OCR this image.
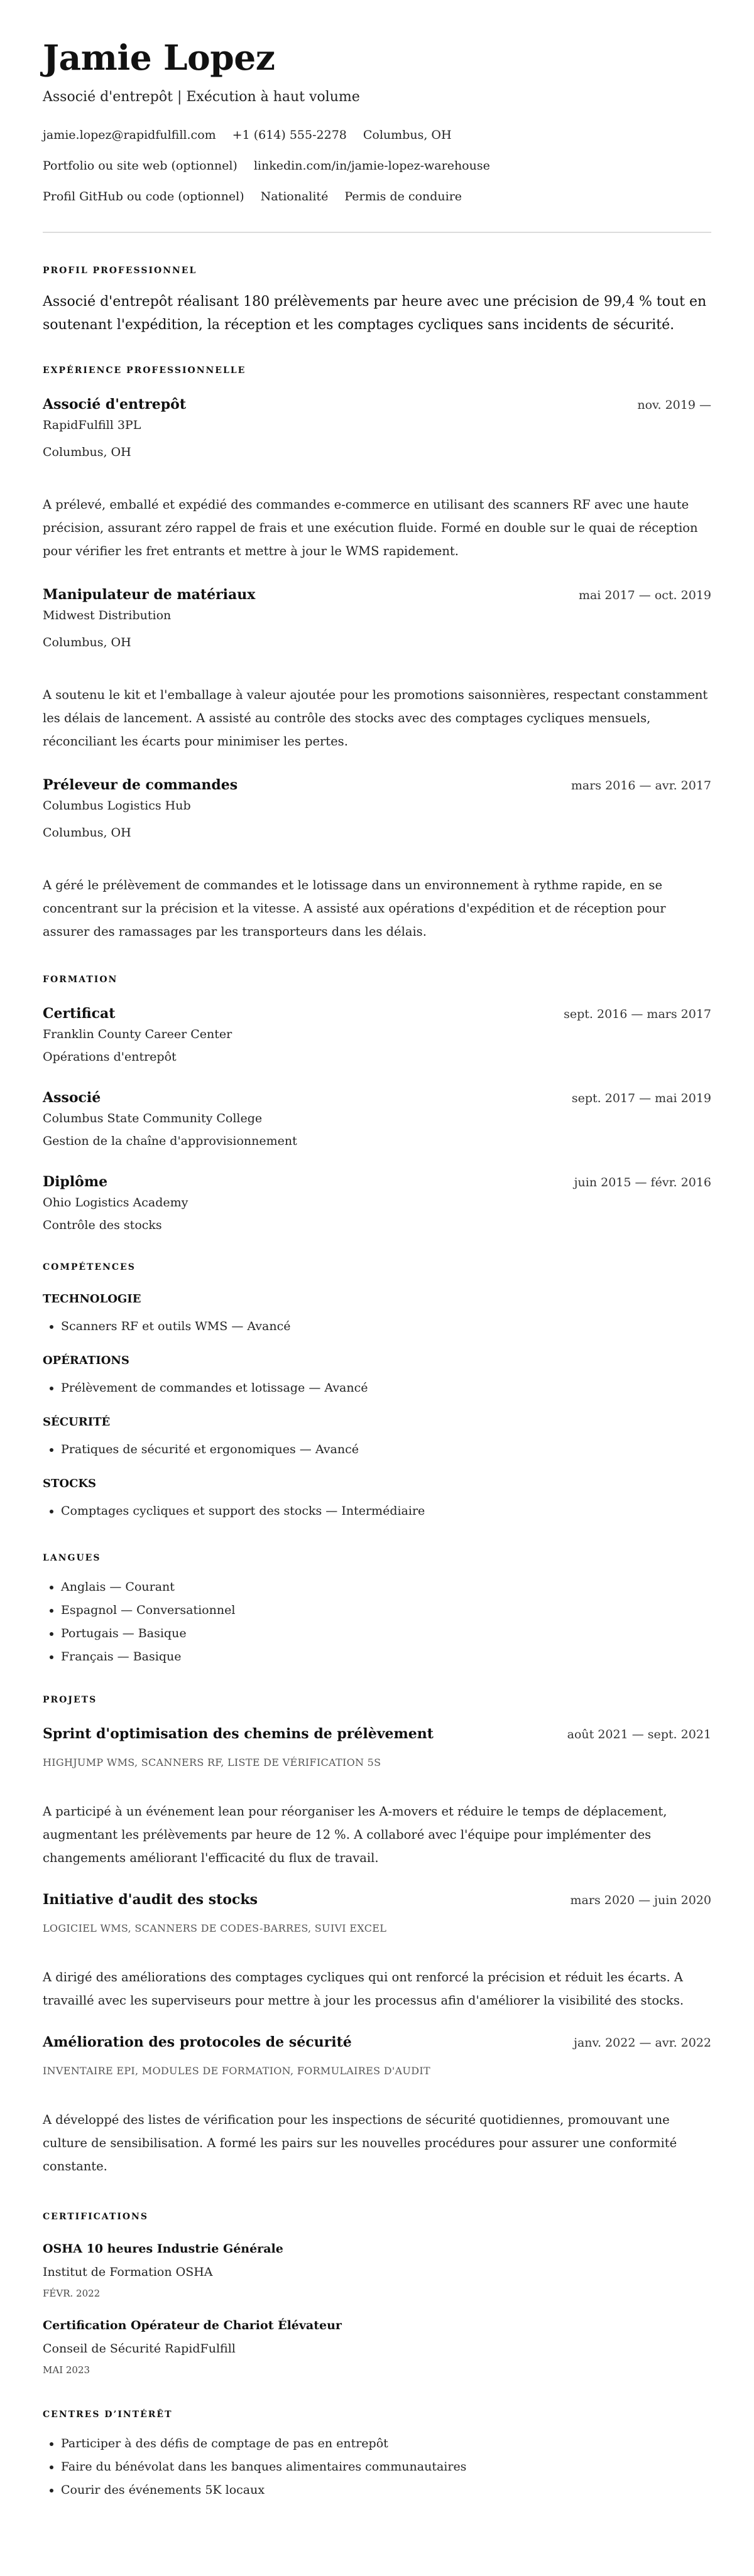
Jamie Lopez
Associé d'entrepôt | Exécution à haut volume
jamie.lopez@rapidfulfill.com +1 (614) 555-2278 Columbus, OH
Portfolio ou site web (optionnel) linkedin.com/in/jamie-lopez-warehouse
Profil GitHub ou code (optionnel) Nationalité Permis de conduire
PROFIL PROFESSIONNEL

Associé d'entrepôt réalisant 180 prélèvements par heure avec une précision de 99,4 % tout en soutenant l'expédition, la réception et les comptages cycliques sans incidents de sécurité.

EXPÉRIENCE PROFESSIONNELLE
Associé d'entrepôt	nov. 2019 —
RapidFulfill 3PL
Columbus, OH
A prélevé, emballé et expédié des commandes e-commerce en utilisant des scanners RF avec une haute précision, assurant zéro rappel de frais et une exécution fluide. Formé en double sur le quai de réception pour vérifier les fret entrants et mettre à jour le WMS rapidement.
Manipulateur de matériaux	mai 2017 — oct. 2019
Midwest Distribution
Columbus, OH
A soutenu le kit et l'emballage à valeur ajoutée pour les promotions saisonnières, respectant constamment les délais de lancement. A assisté au contrôle des stocks avec des comptages cycliques mensuels, réconciliant les écarts pour minimiser les pertes.
Préleveur de commandes	mars 2016 — avr. 2017
Columbus Logistics Hub
Columbus, OH
A géré le prélèvement de commandes et le lotissage dans un environnement à rythme rapide, en se concentrant sur la précision et la vitesse. A assisté aux opérations d'expédition et de réception pour assurer des ramassages par les transporteurs dans les délais.
FORMATION
Certificat	sept. 2016 — mars 2017
Franklin County Career Center
Opérations d'entrepôt
Associé	sept. 2017 — mai 2019
Columbus State Community College
Gestion de la chaîne d'approvisionnement
Diplôme	juin 2015 — févr. 2016
Ohio Logistics Academy
Contrôle des stocks
COMPÉTENCES
TECHNOLOGIE
• Scanners RF et outils WMS — Avancé
OPÉRATIONS
• Prélèvement de commandes et lotissage — Avancé
SÉCURITÉ
• Pratiques de sécurité et ergonomiques — Avancé
STOCKS
• Comptages cycliques et support des stocks — Intermédiaire
LANGUES
• Anglais — Courant
• Espagnol — Conversationnel
• Portugais — Basique
• Français — Basique
PROJETS
Sprint d'optimisation des chemins de prélèvement	août 2021 — sept. 2021
HIGHJUMP WMS, SCANNERS RF, LISTE DE VÉRIFICATION 5S
A participé à un événement lean pour réorganiser les A-movers et réduire le temps de déplacement, augmentant les prélèvements par heure de 12 %. A collaboré avec l'équipe pour implémenter des changements améliorant l'efficacité du flux de travail.
Initiative d'audit des stocks	mars 2020 — juin 2020
LOGICIEL WMS, SCANNERS DE CODES-BARRES, SUIVI EXCEL
A dirigé des améliorations des comptages cycliques qui ont renforcé la précision et réduit les écarts. A travaillé avec les superviseurs pour mettre à jour les processus afin d'améliorer la visibilité des stocks.
Amélioration des protocoles de sécurité	janv. 2022 — avr. 2022
INVENTAIRE EPI, MODULES DE FORMATION, FORMULAIRES D'AUDIT
A développé des listes de vérification pour les inspections de sécurité quotidiennes, promouvant une culture de sensibilisation. A formé les pairs sur les nouvelles procédures pour assurer une conformité constante.
CERTIFICATIONS
OSHA 10 heures Industrie Générale
Institut de Formation OSHA
FÉVR. 2022
Certification Opérateur de Chariot Élévateur
Conseil de Sécurité RapidFulfill
MAI 2023
CENTRES D’INTÉRÊT
• Participer à des défis de comptage de pas en entrepôt
• Faire du bénévolat dans les banques alimentaires communautaires
• Courir des événements 5K locaux
